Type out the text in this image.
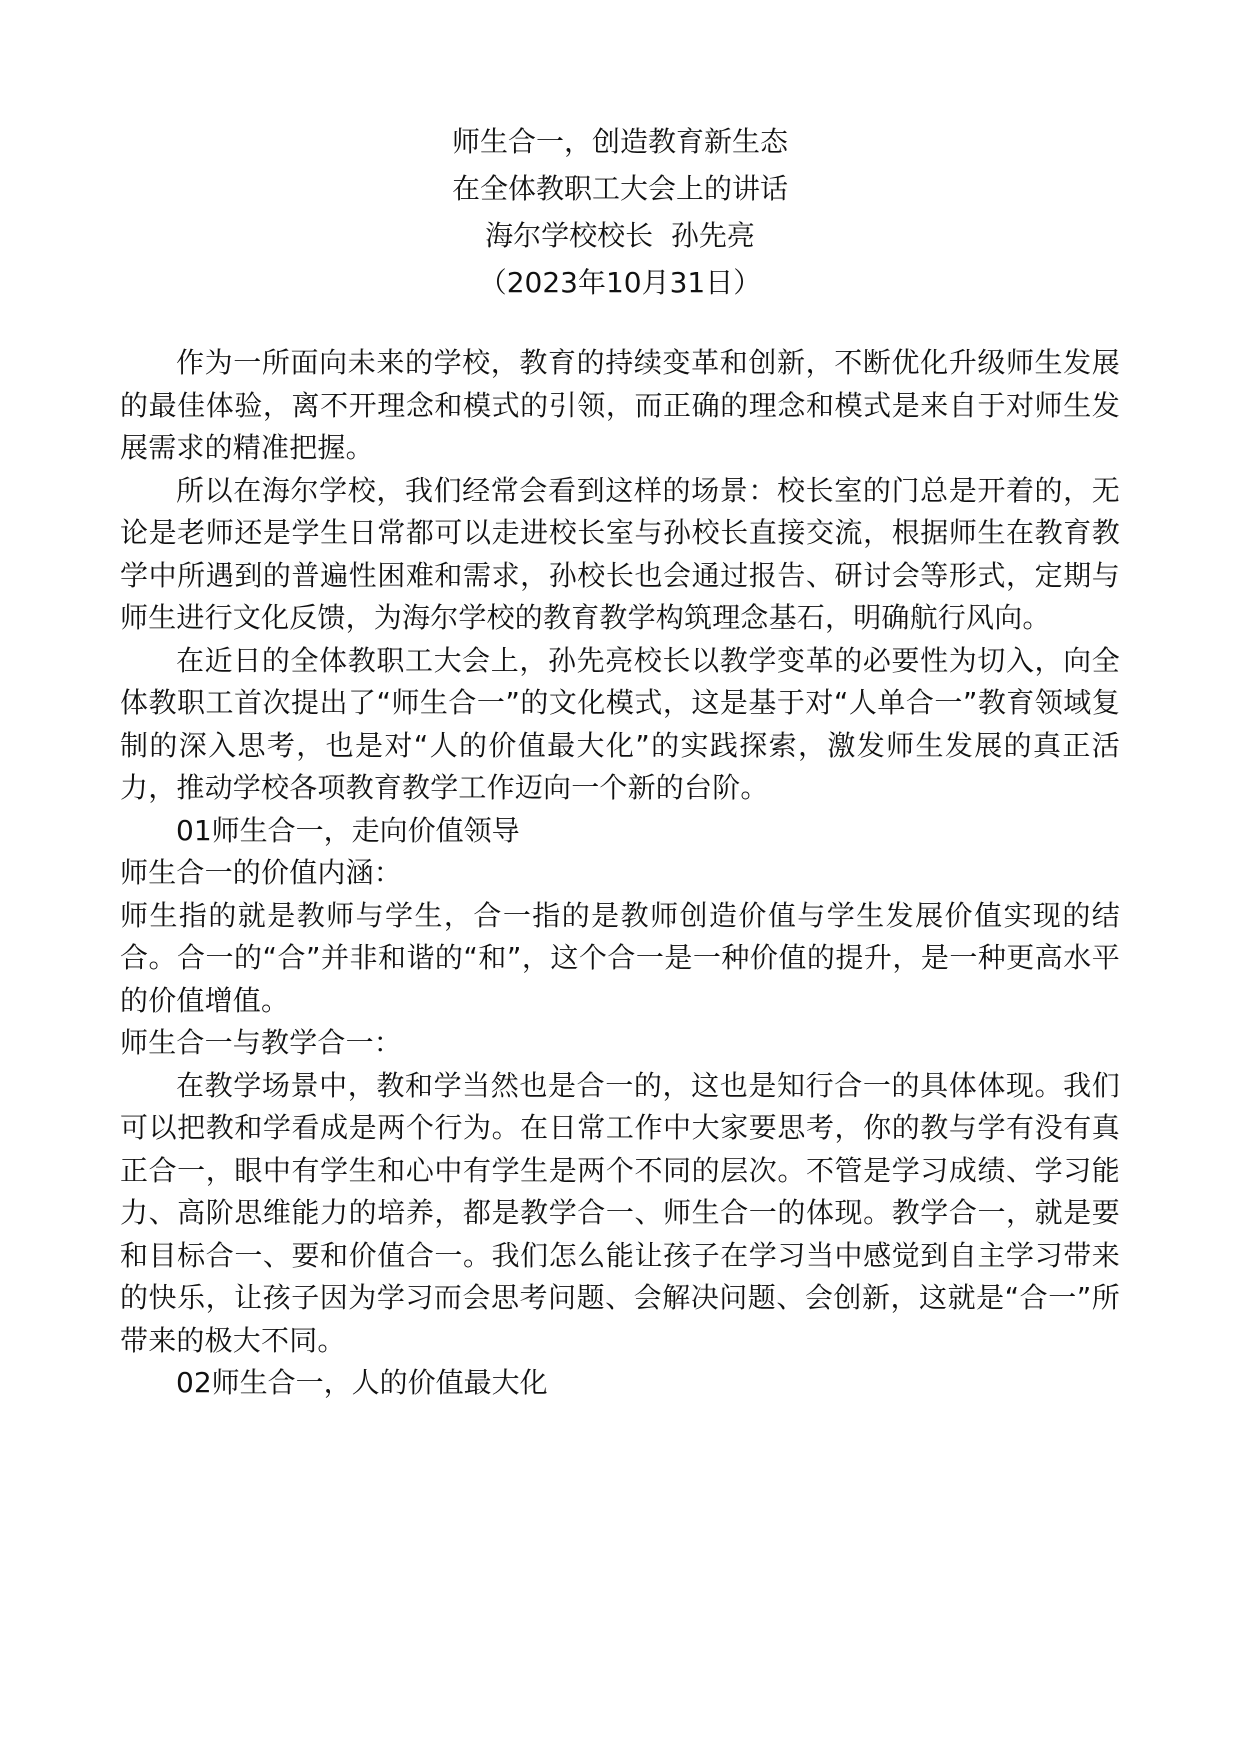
师生合一，创造教育新生态
在全体教职工大会上的讲话
海尔学校校长  孙先亮
（2023年10月31日）

作为一所面向未来的学校，教育的持续变革和创新，不断优化升级师生发展的最佳体验，离不开理念和模式的引领，而正确的理念和模式是来自于对师生发展需求的精准把握。

所以在海尔学校，我们经常会看到这样的场景：校长室的门总是开着的，无论是老师还是学生日常都可以走进校长室与孙校长直接交流，根据师生在教育教学中所遇到的普遍性困难和需求，孙校长也会通过报告、研讨会等形式，定期与师生进行文化反馈，为海尔学校的教育教学构筑理念基石，明确航行风向。

在近日的全体教职工大会上，孙先亮校长以教学变革的必要性为切入，向全体教职工首次提出了“师生合一”的文化模式，这是基于对“人单合一”教育领域复制的深入思考，也是对“人的价值最大化”的实践探索，激发师生发展的真正活力，推动学校各项教育教学工作迈向一个新的台阶。

01师生合一，走向价值领导

师生合一的价值内涵：

师生指的就是教师与学生，合一指的是教师创造价值与学生发展价值实现的结合。合一的“合”并非和谐的“和”，这个合一是一种价值的提升，是一种更高水平的价值增值。

师生合一与教学合一：

在教学场景中，教和学当然也是合一的，这也是知行合一的具体体现。我们可以把教和学看成是两个行为。在日常工作中大家要思考，你的教与学有没有真正合一，眼中有学生和心中有学生是两个不同的层次。不管是学习成绩、学习能力、高阶思维能力的培养，都是教学合一、师生合一的体现。教学合一，就是要和目标合一、要和价值合一。我们怎么能让孩子在学习当中感觉到自主学习带来的快乐，让孩子因为学习而会思考问题、会解决问题、会创新，这就是“合一”所带来的极大不同。

02师生合一，人的价值最大化
